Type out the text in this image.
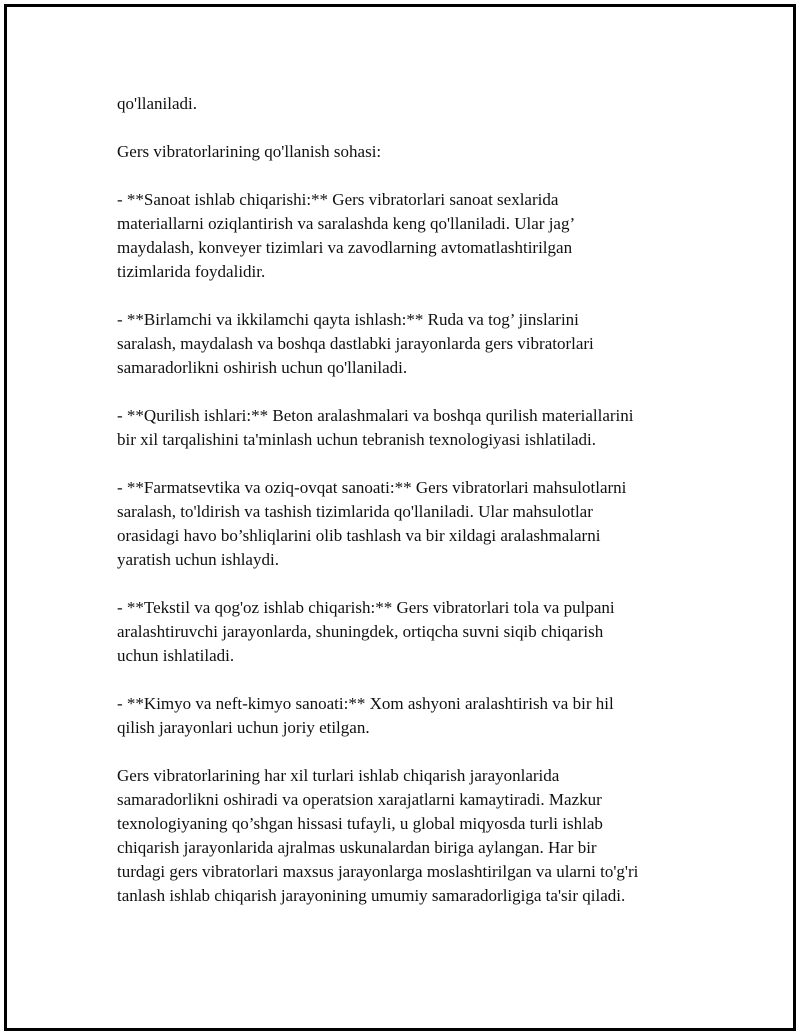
qo'llaniladi.

Gers vibratorlarining qo'llanish sohasi:

- **Sanoat ishlab chiqarishi:** Gers vibratorlari sanoat sexlarida
materiallarni oziqlantirish va saralashda keng qo'llaniladi. Ular jag’
maydalash, konveyer tizimlari va zavodlarning avtomatlashtirilgan
tizimlarida foydalidir.

- **Birlamchi va ikkilamchi qayta ishlash:** Ruda va tog’ jinslarini
saralash, maydalash va boshqa dastlabki jarayonlarda gers vibratorlari
samaradorlikni oshirish uchun qo'llaniladi.

- **Qurilish ishlari:** Beton aralashmalari va boshqa qurilish materiallarini
bir xil tarqalishini ta'minlash uchun tebranish texnologiyasi ishlatiladi.

- **Farmatsevtika va oziq-ovqat sanoati:** Gers vibratorlari mahsulotlarni
saralash, to'ldirish va tashish tizimlarida qo'llaniladi. Ular mahsulotlar
orasidagi havo bo’shliqlarini olib tashlash va bir xildagi aralashmalarni
yaratish uchun ishlaydi.

- **Tekstil va qog'oz ishlab chiqarish:** Gers vibratorlari tola va pulpani
aralashtiruvchi jarayonlarda, shuningdek, ortiqcha suvni siqib chiqarish
uchun ishlatiladi.

- **Kimyo va neft-kimyo sanoati:** Xom ashyoni aralashtirish va bir hil
qilish jarayonlari uchun joriy etilgan.

Gers vibratorlarining har xil turlari ishlab chiqarish jarayonlarida
samaradorlikni oshiradi va operatsion xarajatlarni kamaytiradi. Mazkur
texnologiyaning qo’shgan hissasi tufayli, u global miqyosda turli ishlab
chiqarish jarayonlarida ajralmas uskunalardan biriga aylangan. Har bir
turdagi gers vibratorlari maxsus jarayonlarga moslashtirilgan va ularni to'g'ri
tanlash ishlab chiqarish jarayonining umumiy samaradorligiga ta'sir qiladi.
